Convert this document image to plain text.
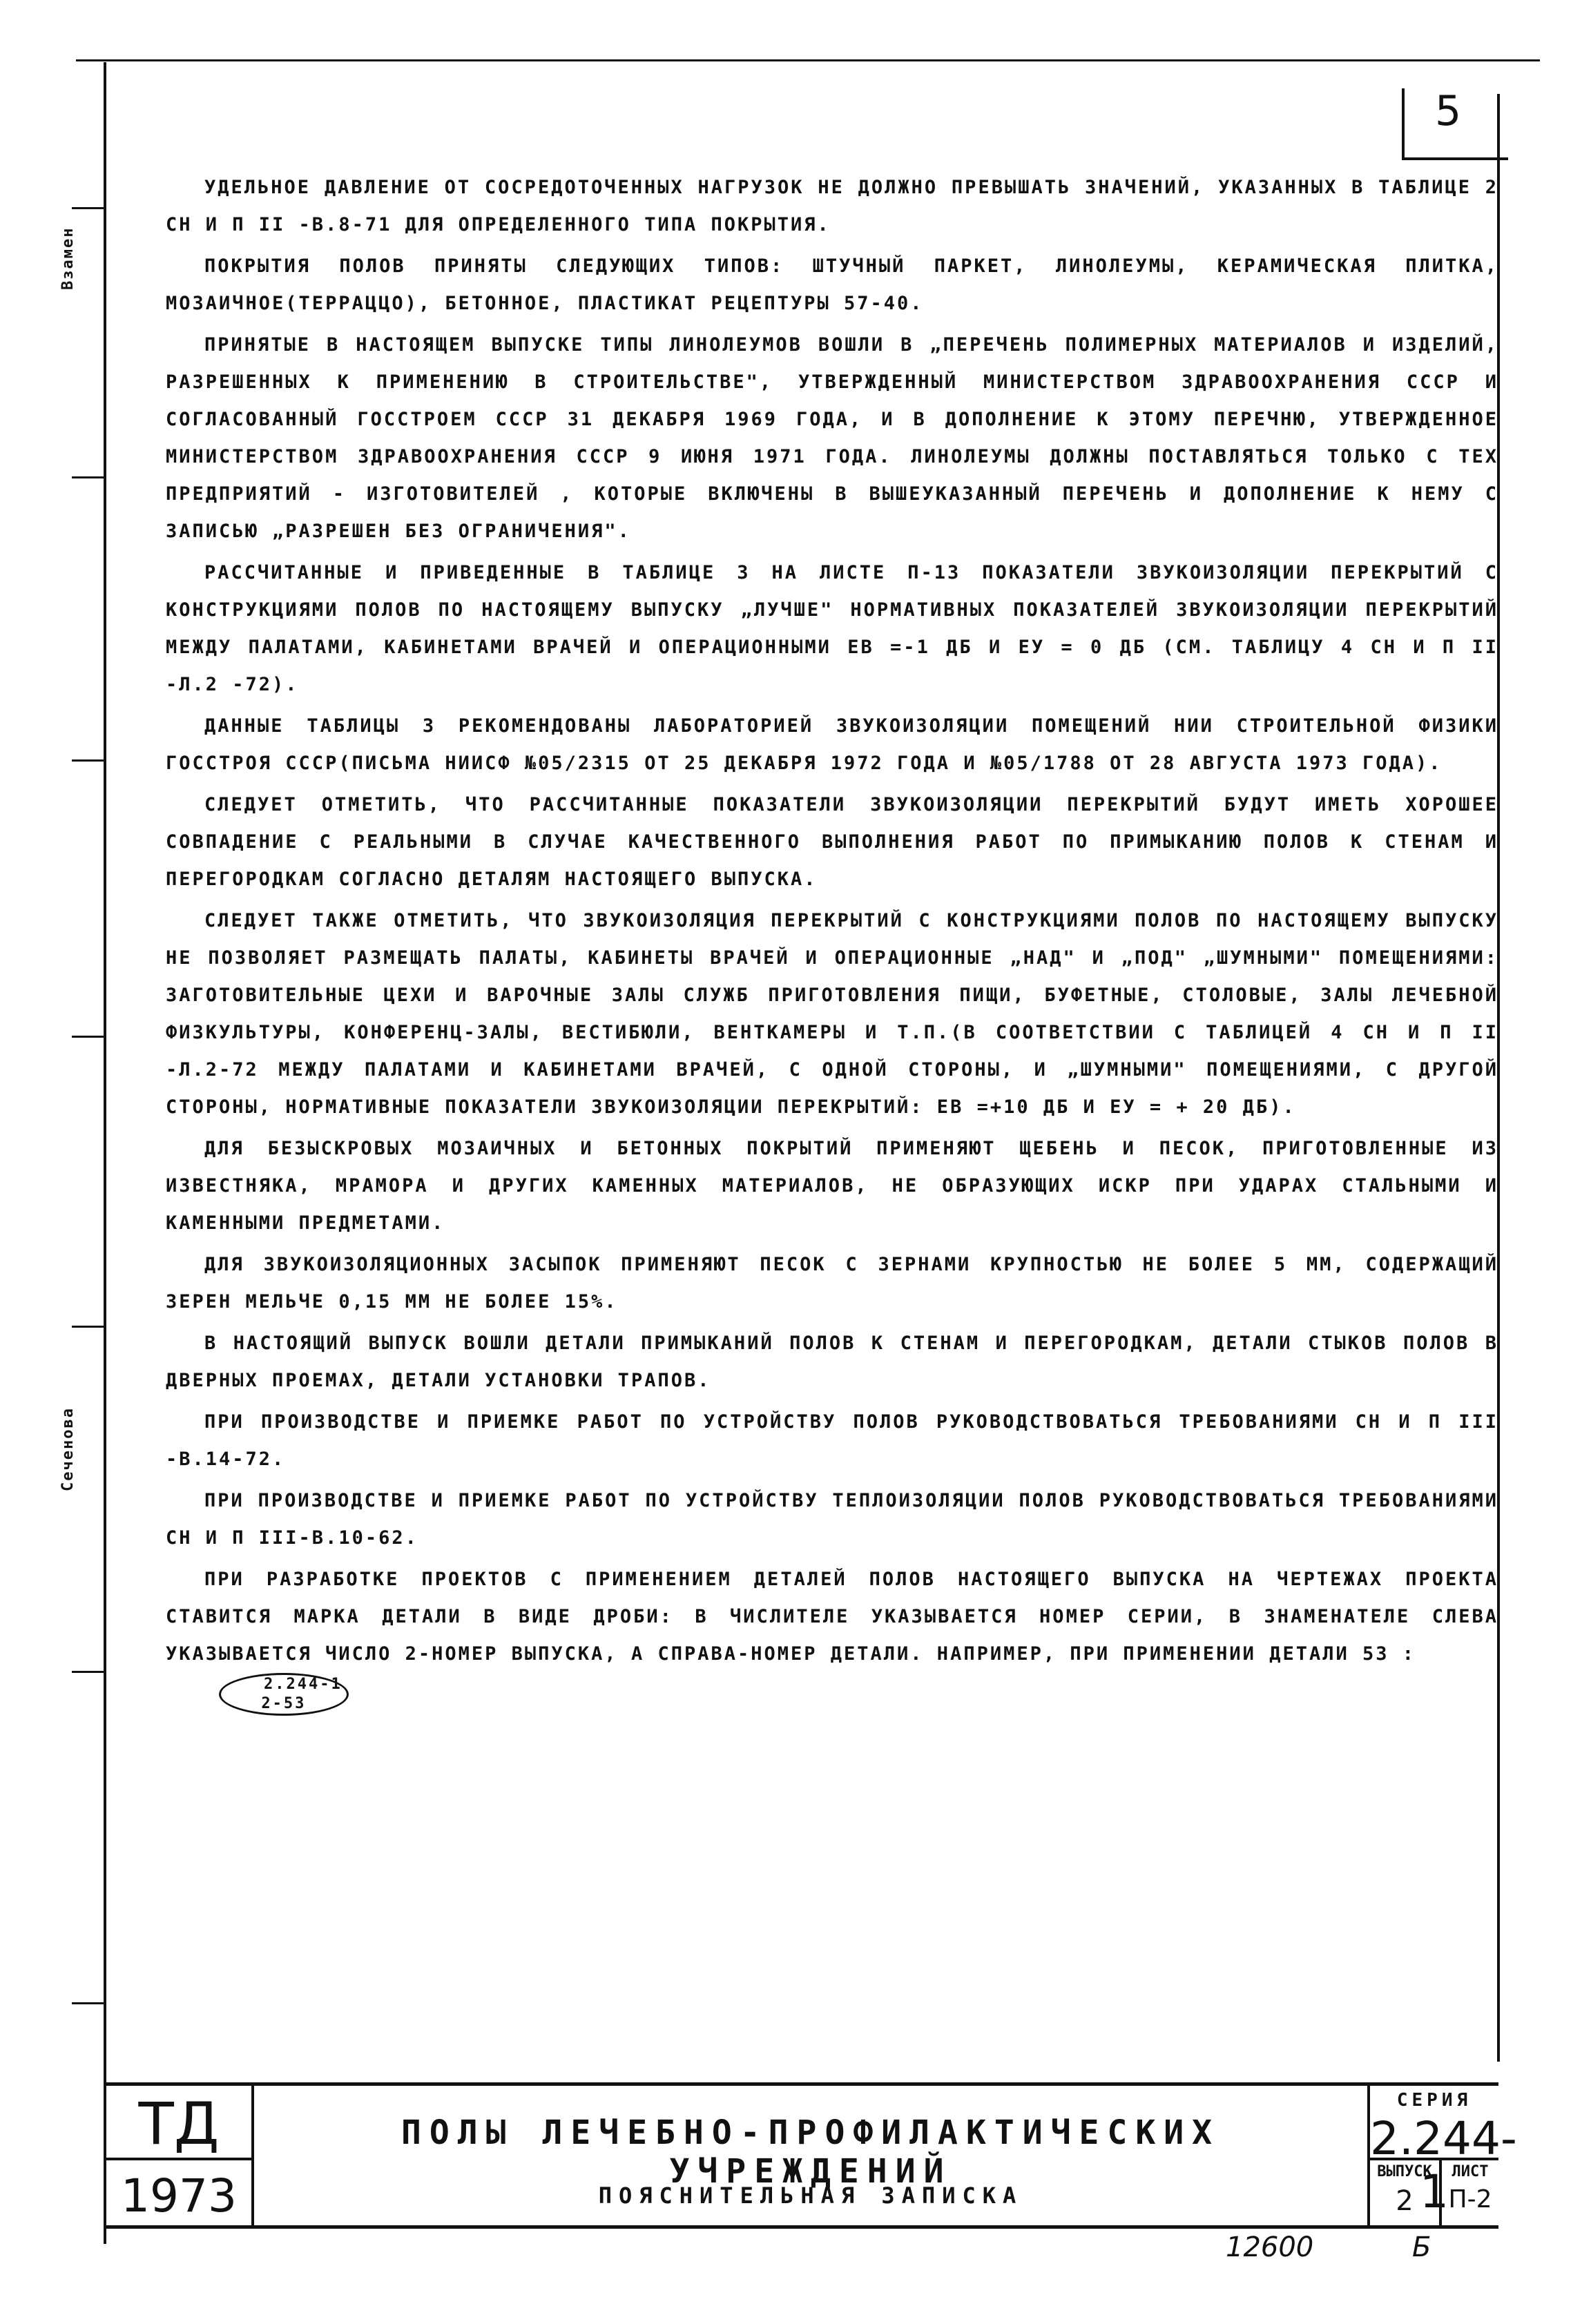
5
Взамен
Сеченова

УДЕЛЬНОЕ ДАВЛЕНИЕ ОТ СОСРЕДОТОЧЕННЫХ НАГРУЗОК НЕ ДОЛЖНО ПРЕВЫШАТЬ ЗНАЧЕНИЙ, УКАЗАННЫХ В ТАБЛИЦЕ 2 СН И П II -В.8-71 ДЛЯ ОПРЕДЕЛЕННОГО ТИПА ПОКРЫТИЯ.

ПОКРЫТИЯ ПОЛОВ ПРИНЯТЫ СЛЕДУЮЩИХ ТИПОВ: ШТУЧНЫЙ ПАРКЕТ, ЛИНОЛЕУМЫ, КЕРАМИЧЕСКАЯ ПЛИТКА, МОЗАИЧНОЕ(ТЕРРАЦЦО), БЕТОННОЕ, ПЛАСТИКАТ РЕЦЕПТУРЫ 57-40.

ПРИНЯТЫЕ В НАСТОЯЩЕМ ВЫПУСКЕ ТИПЫ ЛИНОЛЕУМОВ ВОШЛИ В „ПЕРЕЧЕНЬ ПОЛИМЕРНЫХ МАТЕРИАЛОВ И ИЗДЕЛИЙ, РАЗРЕШЕННЫХ К ПРИМЕНЕНИЮ В СТРОИТЕЛЬСТВЕ", УТВЕРЖДЕННЫЙ МИНИСТЕРСТВОМ ЗДРАВООХРАНЕНИЯ СССР И СОГЛАСОВАННЫЙ ГОССТРОЕМ СССР 31 ДЕКАБРЯ 1969 ГОДА, И В ДОПОЛНЕНИЕ К ЭТОМУ ПЕРЕЧНЮ, УТВЕРЖДЕННОЕ МИНИСТЕРСТВОМ ЗДРАВООХРАНЕНИЯ СССР 9 ИЮНЯ 1971 ГОДА. ЛИНОЛЕУМЫ ДОЛЖНЫ ПОСТАВЛЯТЬСЯ ТОЛЬКО С ТЕХ ПРЕДПРИЯТИЙ - ИЗГОТОВИТЕЛЕЙ , КОТОРЫЕ ВКЛЮЧЕНЫ В ВЫШЕУКАЗАННЫЙ ПЕРЕЧЕНЬ И ДОПОЛНЕНИЕ К НЕМУ С ЗАПИСЬЮ „РАЗРЕШЕН БЕЗ ОГРАНИЧЕНИЯ".

РАССЧИТАННЫЕ И ПРИВЕДЕННЫЕ В ТАБЛИЦЕ 3 НА ЛИСТЕ П-13 ПОКАЗАТЕЛИ ЗВУКОИЗОЛЯЦИИ ПЕРЕКРЫТИЙ С КОНСТРУКЦИЯМИ ПОЛОВ ПО НАСТОЯЩЕМУ ВЫПУСКУ „ЛУЧШЕ" НОРМАТИВНЫХ ПОКАЗАТЕЛЕЙ ЗВУКОИЗОЛЯЦИИ ПЕРЕКРЫТИЙ МЕЖДУ ПАЛАТАМИ, КАБИНЕТАМИ ВРАЧЕЙ И ОПЕРАЦИОННЫМИ ЕВ =-1 ДБ И ЕУ = 0 ДБ (СМ. ТАБЛИЦУ 4 СН И П II -Л.2 -72).

ДАННЫЕ ТАБЛИЦЫ 3 РЕКОМЕНДОВАНЫ ЛАБОРАТОРИЕЙ ЗВУКОИЗОЛЯЦИИ ПОМЕЩЕНИЙ НИИ СТРОИТЕЛЬНОЙ ФИЗИКИ ГОССТРОЯ СССР(ПИСЬМА НИИСФ №05/2315 ОТ 25 ДЕКАБРЯ 1972 ГОДА И №05/1788 ОТ 28 АВГУСТА 1973 ГОДА).

СЛЕДУЕТ ОТМЕТИТЬ, ЧТО РАССЧИТАННЫЕ ПОКАЗАТЕЛИ ЗВУКОИЗОЛЯЦИИ ПЕРЕКРЫТИЙ БУДУТ ИМЕТЬ ХОРОШЕЕ СОВПАДЕНИЕ С РЕАЛЬНЫМИ В СЛУЧАЕ КАЧЕСТВЕННОГО ВЫПОЛНЕНИЯ РАБОТ ПО ПРИМЫКАНИЮ ПОЛОВ К СТЕНАМ И ПЕРЕГОРОДКАМ СОГЛАСНО ДЕТАЛЯМ НАСТОЯЩЕГО ВЫПУСКА.

СЛЕДУЕТ ТАКЖЕ ОТМЕТИТЬ, ЧТО ЗВУКОИЗОЛЯЦИЯ ПЕРЕКРЫТИЙ С КОНСТРУКЦИЯМИ ПОЛОВ ПО НАСТОЯЩЕМУ ВЫПУСКУ НЕ ПОЗВОЛЯЕТ РАЗМЕЩАТЬ ПАЛАТЫ, КАБИНЕТЫ ВРАЧЕЙ И ОПЕРАЦИОННЫЕ „НАД" И „ПОД" „ШУМНЫМИ" ПОМЕЩЕНИЯМИ: ЗАГОТОВИТЕЛЬНЫЕ ЦЕХИ И ВАРОЧНЫЕ ЗАЛЫ СЛУЖБ ПРИГОТОВЛЕНИЯ ПИЩИ, БУФЕТНЫЕ, СТОЛОВЫЕ, ЗАЛЫ ЛЕЧЕБНОЙ ФИЗКУЛЬТУРЫ, КОНФЕРЕНЦ-ЗАЛЫ, ВЕСТИБЮЛИ, ВЕНТКАМЕРЫ И Т.П.(В СООТВЕТСТВИИ С ТАБЛИЦЕЙ 4 СН И П II -Л.2-72 МЕЖДУ ПАЛАТАМИ И КАБИНЕТАМИ ВРАЧЕЙ, С ОДНОЙ СТОРОНЫ, И „ШУМНЫМИ" ПОМЕЩЕНИЯМИ, С ДРУГОЙ СТОРОНЫ, НОРМАТИВНЫЕ ПОКАЗАТЕЛИ ЗВУКОИЗОЛЯЦИИ ПЕРЕКРЫТИЙ: ЕВ =+10 ДБ И ЕУ = + 20 ДБ).

ДЛЯ БЕЗЫСКРОВЫХ МОЗАИЧНЫХ И БЕТОННЫХ ПОКРЫТИЙ ПРИМЕНЯЮТ ЩЕБЕНЬ И ПЕСОК, ПРИГОТОВЛЕННЫЕ ИЗ ИЗВЕСТНЯКА, МРАМОРА И ДРУГИХ КАМЕННЫХ МАТЕРИАЛОВ, НЕ ОБРАЗУЮЩИХ ИСКР ПРИ УДАРАХ СТАЛЬНЫМИ И КАМЕННЫМИ ПРЕДМЕТАМИ.

ДЛЯ ЗВУКОИЗОЛЯЦИОННЫХ ЗАСЫПОК ПРИМЕНЯЮТ ПЕСОК С ЗЕРНАМИ КРУПНОСТЬЮ НЕ БОЛЕЕ 5 ММ, СОДЕРЖАЩИЙ ЗЕРЕН МЕЛЬЧЕ 0,15 ММ НЕ БОЛЕЕ 15%.

В НАСТОЯЩИЙ ВЫПУСК ВОШЛИ ДЕТАЛИ ПРИМЫКАНИЙ ПОЛОВ К СТЕНАМ И ПЕРЕГОРОДКАМ, ДЕТАЛИ СТЫКОВ ПОЛОВ В ДВЕРНЫХ ПРОЕМАХ, ДЕТАЛИ УСТАНОВКИ ТРАПОВ.

ПРИ ПРОИЗВОДСТВЕ И ПРИЕМКЕ РАБОТ ПО УСТРОЙСТВУ ПОЛОВ РУКОВОДСТВОВАТЬСЯ ТРЕБОВАНИЯМИ СН И П III -В.14-72.

ПРИ ПРОИЗВОДСТВЕ И ПРИЕМКЕ РАБОТ ПО УСТРОЙСТВУ ТЕПЛОИЗОЛЯЦИИ ПОЛОВ РУКОВОДСТВОВАТЬСЯ ТРЕБОВАНИЯМИ СН И П III-В.10-62.

ПРИ РАЗРАБОТКЕ ПРОЕКТОВ С ПРИМЕНЕНИЕМ ДЕТАЛЕЙ ПОЛОВ НАСТОЯЩЕГО ВЫПУСКА НА ЧЕРТЕЖАХ ПРОЕКТА СТАВИТСЯ МАРКА ДЕТАЛИ В ВИДЕ ДРОБИ: В ЧИСЛИТЕЛЕ УКАЗЫВАЕТСЯ НОМЕР СЕРИИ, В ЗНАМЕНАТЕЛЕ СЛЕВА УКАЗЫВАЕТСЯ ЧИСЛО 2-НОМЕР ВЫПУСКА, А СПРАВА-НОМЕР ДЕТАЛИ. НАПРИМЕР, ПРИ ПРИМЕНЕНИИ ДЕТАЛИ 53 :
2.244-1
2-53

ТД
1973
ПОЛЫ ЛЕЧЕБНО-ПРОФИЛАКТИЧЕСКИХ УЧРЕЖДЕНИЙ
ПОЯСНИТЕЛЬНАЯ ЗАПИСКА
СЕРИЯ
2.244-1
ВЫПУСК
2
ЛИСТ
П-2
12600	Б
